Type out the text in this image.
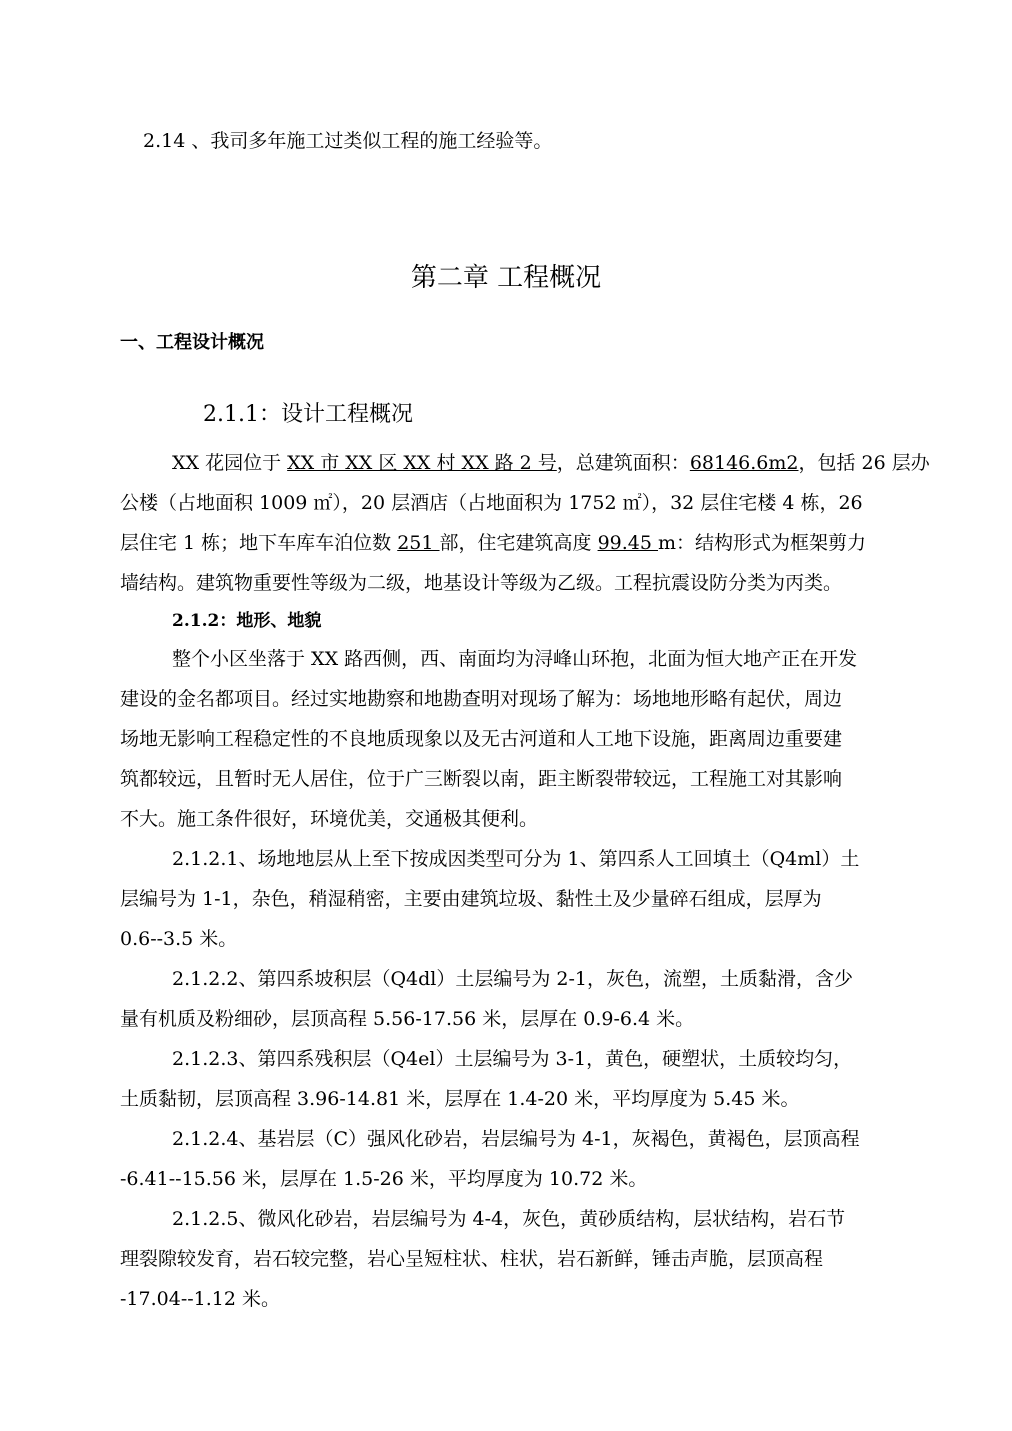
2.14 、我司多年施工过类似工程的施工经验等。
第二章 工程概况
一、工程设计概况
2.1.1：设计工程概况
XX 花园位于 XX 市 XX 区 XX 村 XX 路 2 号，总建筑面积：68146.6m2，包括 26 层办
公楼（占地面积 1009 ㎡），20 层酒店（占地面积为 1752 ㎡），32 层住宅楼 4 栋，26
层住宅 1 栋；地下车库车泊位数 251 部，住宅建筑高度 99.45 m：结构形式为框架剪力
墙结构。建筑物重要性等级为二级，地基设计等级为乙级。工程抗震设防分类为丙类。
2.1.2：地形、地貌
整个小区坐落于 XX 路西侧，西、南面均为浔峰山环抱，北面为恒大地产正在开发
建设的金名都项目。经过实地勘察和地勘查明对现场了解为：场地地形略有起伏，周边
场地无影响工程稳定性的不良地质现象以及无古河道和人工地下设施，距离周边重要建
筑都较远，且暂时无人居住，位于广三断裂以南，距主断裂带较远，工程施工对其影响
不大。施工条件很好，环境优美，交通极其便利。
2.1.2.1、场地地层从上至下按成因类型可分为 1、第四系人工回填土（Q4ml）土
层编号为 1-1，杂色，稍湿稍密，主要由建筑垃圾、黏性土及少量碎石组成，层厚为
0.6--3.5 米。
2.1.2.2、第四系坡积层（Q4dl）土层编号为 2-1，灰色，流塑，土质黏滑，含少
量有机质及粉细砂，层顶高程 5.56-17.56 米，层厚在 0.9-6.4 米。
2.1.2.3、第四系残积层（Q4el）土层编号为 3-1，黄色，硬塑状，土质较均匀，
土质黏韧，层顶高程 3.96-14.81 米，层厚在 1.4-20 米，平均厚度为 5.45 米。
2.1.2.4、基岩层（C）强风化砂岩，岩层编号为 4-1，灰褐色，黄褐色，层顶高程
-6.41--15.56 米，层厚在 1.5-26 米，平均厚度为 10.72 米。
2.1.2.5、微风化砂岩，岩层编号为 4-4，灰色，黄砂质结构，层状结构，岩石节
理裂隙较发育，岩石较完整，岩心呈短柱状、柱状，岩石新鲜，锤击声脆，层顶高程
-17.04--1.12 米。
